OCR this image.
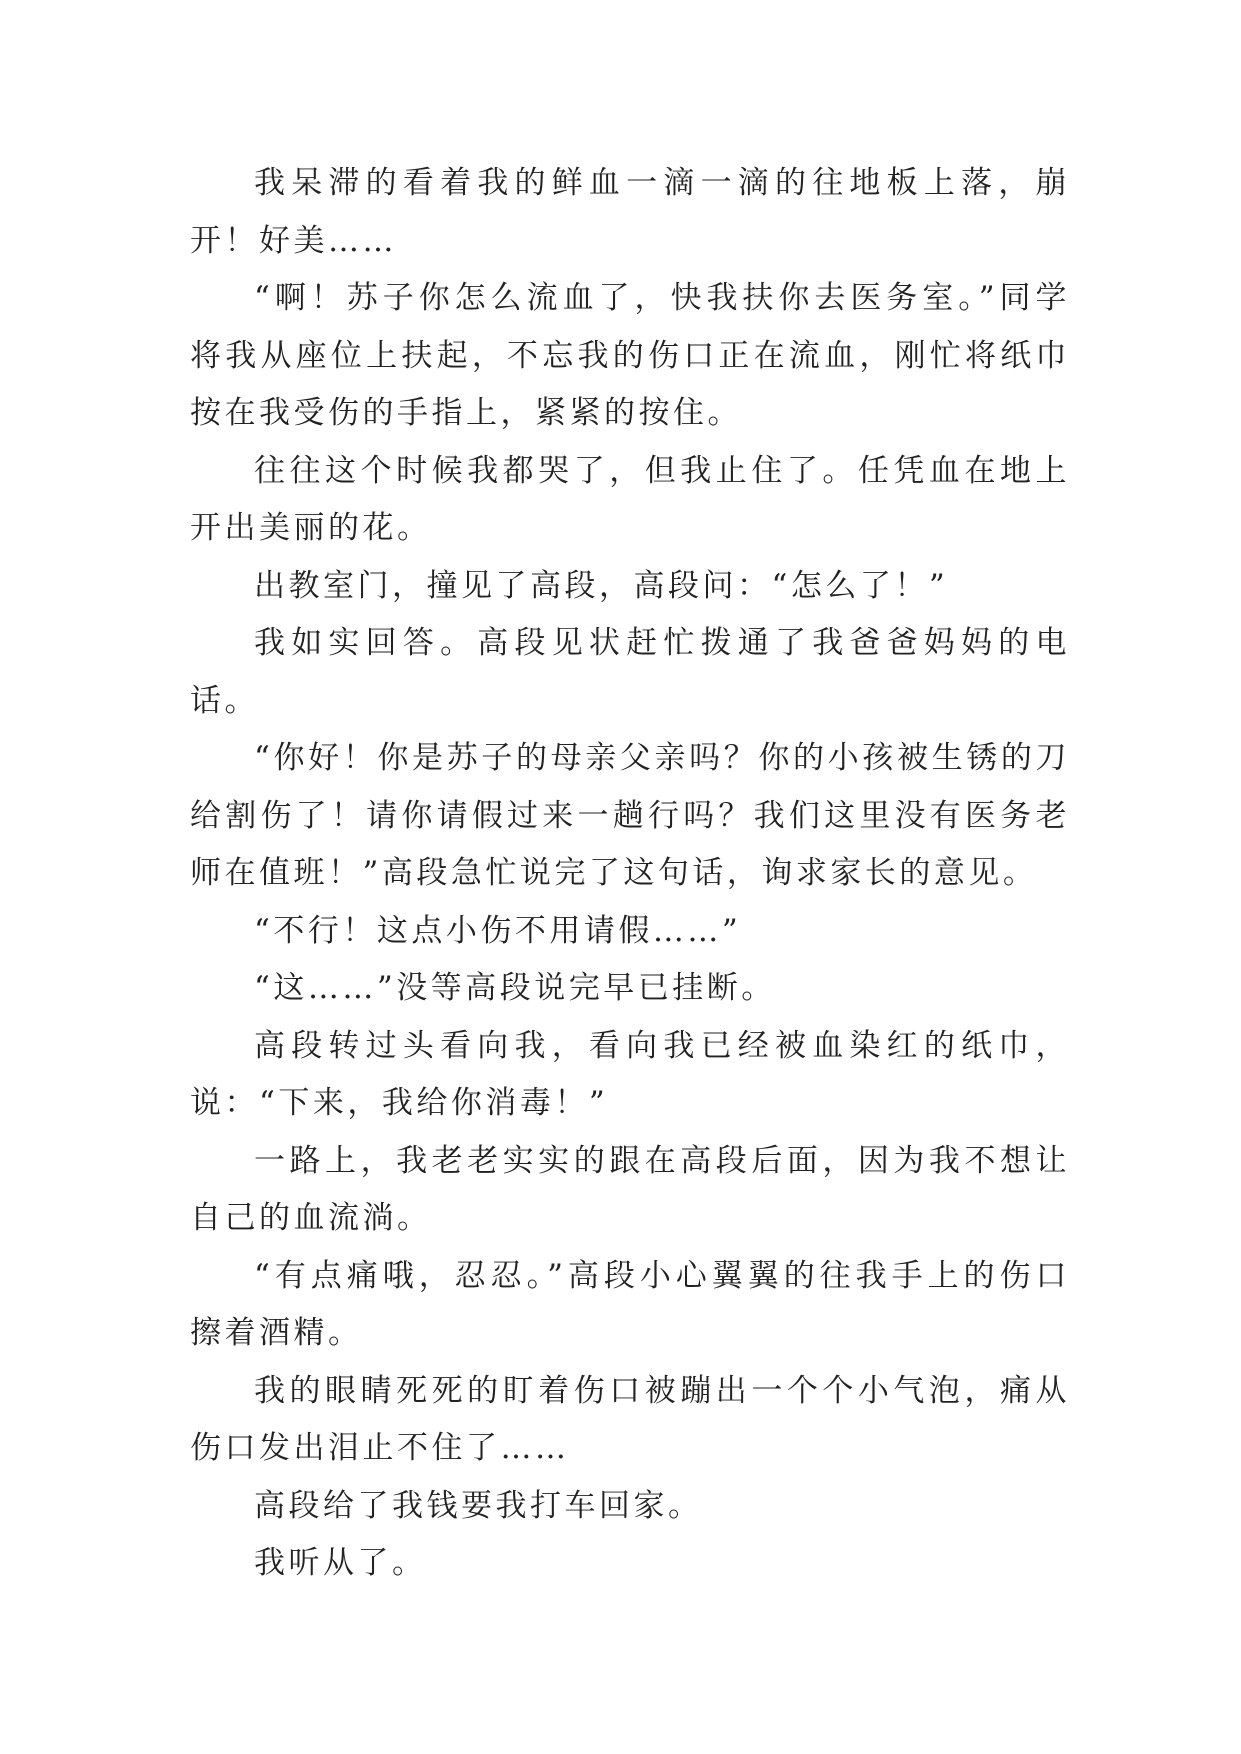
我呆滞的看着我的鲜血一滴一滴的往地板上落，崩开！好美……

“啊！苏子你怎么流血了，快我扶你去医务室。”同学将我从座位上扶起，不忘我的伤口正在流血，刚忙将纸巾按在我受伤的手指上，紧紧的按住。

往往这个时候我都哭了，但我止住了。任凭血在地上开出美丽的花。

出教室门，撞见了高段，高段问：“怎么了！”

我如实回答。高段见状赶忙拨通了我爸爸妈妈的电话。

“你好！你是苏子的母亲父亲吗？你的小孩被生锈的刀给割伤了！请你请假过来一趟行吗？我们这里没有医务老师在值班！”高段急忙说完了这句话，询求家长的意见。

“不行！这点小伤不用请假……”

“这……”没等高段说完早已挂断。

高段转过头看向我，看向我已经被血染红的纸巾，说：“下来，我给你消毒！”

一路上，我老老实实的跟在高段后面，因为我不想让自己的血流淌。

“有点痛哦，忍忍。”高段小心翼翼的往我手上的伤口擦着酒精。

我的眼睛死死的盯着伤口被蹦出一个个小气泡，痛从伤口发出泪止不住了……

高段给了我钱要我打车回家。

我听从了。
